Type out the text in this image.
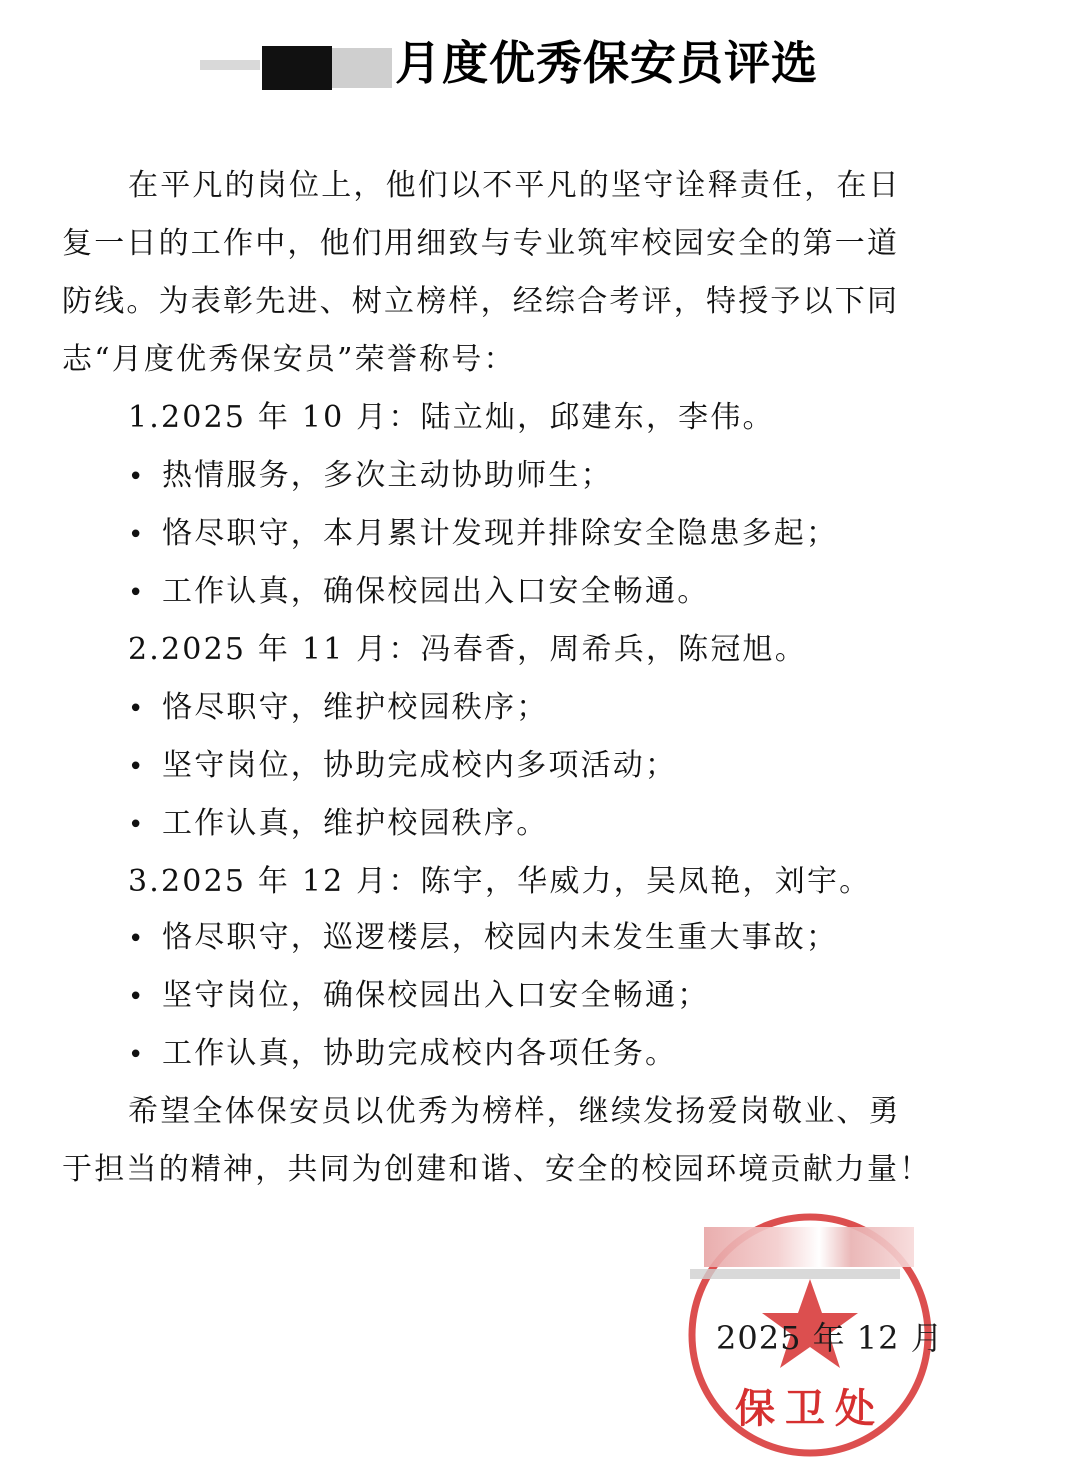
月度优秀保安员评选
在平凡的岗位上，他们以不平凡的坚守诠释责任，在日
复一日的工作中，他们用细致与专业筑牢校园安全的第一道
防线。为表彰先进、树立榜样，经综合考评，特授予以下同
志“月度优秀保安员”荣誉称号：
1.2025 年 10 月：陆立灿，邱建东，李伟。
• 热情服务，多次主动协助师生；
• 恪尽职守，本月累计发现并排除安全隐患多起；
• 工作认真，确保校园出入口安全畅通。
2.2025 年 11 月：冯春香，周希兵，陈冠旭。
• 恪尽职守，维护校园秩序；
• 坚守岗位，协助完成校内多项活动；
• 工作认真，维护校园秩序。
3.2025 年 12 月：陈宇，华威力，吴凤艳，刘宇。
• 恪尽职守，巡逻楼层，校园内未发生重大事故；
• 坚守岗位，确保校园出入口安全畅通；
• 工作认真，协助完成校内各项任务。
希望全体保安员以优秀为榜样，继续发扬爱岗敬业、勇
于担当的精神，共同为创建和谐、安全的校园环境贡献力量！
2025 年 12 月
保卫处
